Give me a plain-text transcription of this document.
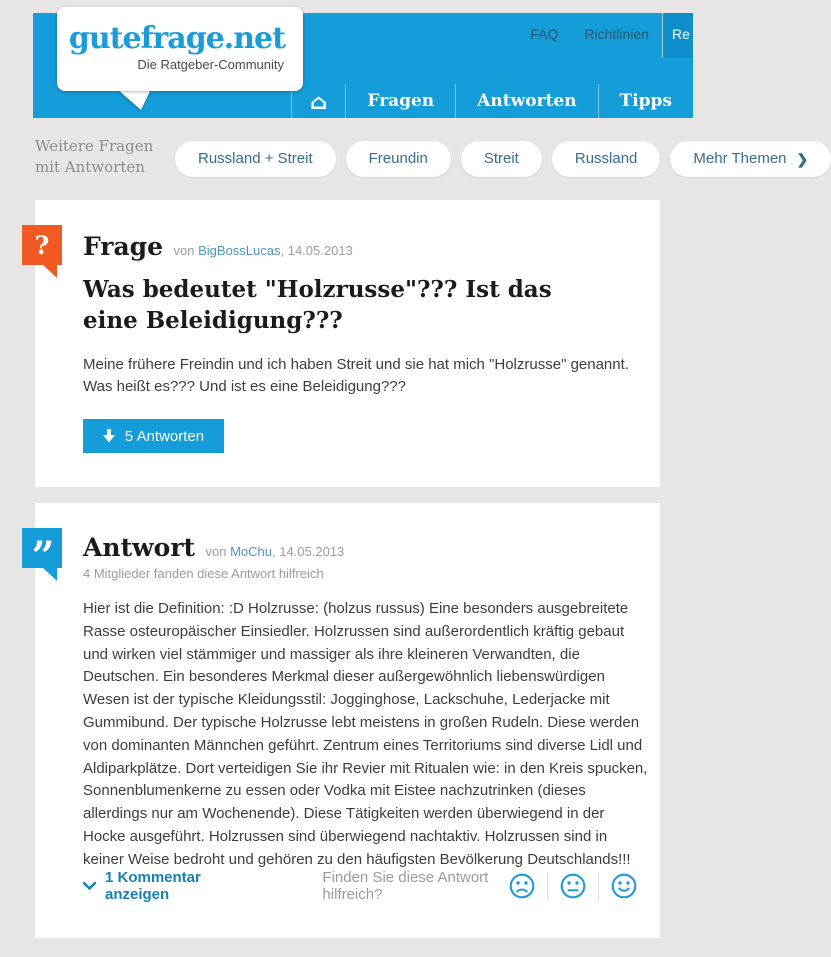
gutefrage.net
Die Ratgeber-Community
FAQ Richtlinien	Re
⌂	Fragen	Antworten	Tipps
Weitere Fragen mit Antworten	Russland + Streit	Freundin	Streit	Russland	Mehr Themen ❯
?	Frage von BigBossLucas, 14.05.2013
Was bedeutet "Holzrusse"??? Ist das eine Beleidigung???

Meine frühere Freindin und ich haben Streit und sie hat mich "Holzrusse" genannt. Was heißt es??? Und ist es eine Beleidigung???

5 Antworten
”	Antwort von MoChu, 14.05.2013
4 Mitglieder fanden diese Antwort hilfreich

Hier ist die Definition: :D Holzrusse: (holzus russus) Eine besonders ausgebreitete Rasse osteuropäischer Einsiedler. Holzrussen sind außerordentlich kräftig gebaut und wirken viel stämmiger und massiger als ihre kleineren Verwandten, die Deutschen. Ein besonderes Merkmal dieser außergewöhnlich liebenswürdigen Wesen ist der typische Kleidungsstil: Jogginghose, Lackschuhe, Lederjacke mit Gummibund. Der typische Holzrusse lebt meistens in großen Rudeln. Diese werden von dominanten Männchen geführt. Zentrum eines Territoriums sind diverse Lidl und Aldiparkplätze. Dort verteidigen Sie ihr Revier mit Ritualen wie: in den Kreis spucken, Sonnenblumenkerne zu essen oder Vodka mit Eistee nachzutrinken (dieses allerdings nur am Wochenende). Diese Tätigkeiten werden überwiegend in der Hocke ausgeführt. Holzrussen sind überwiegend nachtaktiv. Holzrussen sind in keiner Weise bedroht und gehören zu den häufigsten Bevölkerung Deutschlands!!!

1 Kommentar anzeigen
Finden Sie diese Antwort hilfreich?
